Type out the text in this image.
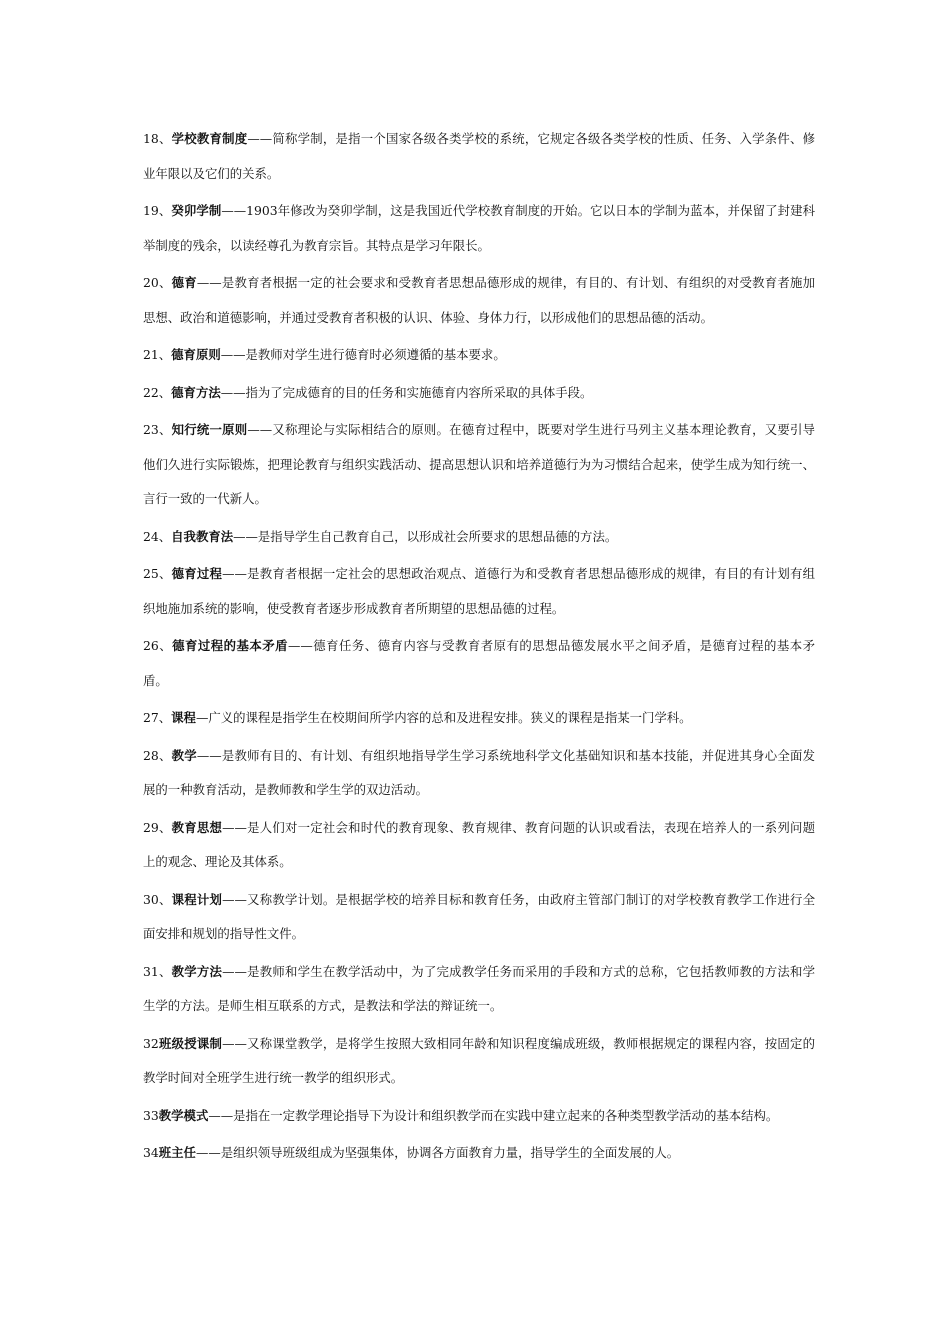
18、学校教育制度——简称学制，是指一个国家各级各类学校的系统，它规定各级各类学校的性质、任务、入学条件、修业年限以及它们的关系。

19、癸卯学制——1903年修改为癸卯学制，这是我国近代学校教育制度的开始。它以日本的学制为蓝本，并保留了封建科举制度的残余，以读经尊孔为教育宗旨。其特点是学习年限长。

20、德育——是教育者根据一定的社会要求和受教育者思想品德形成的规律，有目的、有计划、有组织的对受教育者施加思想、政治和道德影响，并通过受教育者积极的认识、体验、身体力行，以形成他们的思想品德的活动。

21、德育原则——是教师对学生进行德育时必须遵循的基本要求。

22、德育方法——指为了完成德育的目的任务和实施德育内容所采取的具体手段。

23、知行统一原则——又称理论与实际相结合的原则。在德育过程中，既要对学生进行马列主义基本理论教育，又要引导他们久进行实际锻炼，把理论教育与组织实践活动、提高思想认识和培养道德行为为习惯结合起来，使学生成为知行统一、言行一致的一代新人。

24、自我教育法——是指导学生自己教育自己，以形成社会所要求的思想品德的方法。

25、德育过程——是教育者根据一定社会的思想政治观点、道德行为和受教育者思想品德形成的规律，有目的有计划有组织地施加系统的影响，使受教育者逐步形成教育者所期望的思想品德的过程。

26、德育过程的基本矛盾——德育任务、德育内容与受教育者原有的思想品德发展水平之间矛盾，是德育过程的基本矛盾。

27、课程—广义的课程是指学生在校期间所学内容的总和及进程安排。狭义的课程是指某一门学科。

28、教学——是教师有目的、有计划、有组织地指导学生学习系统地科学文化基础知识和基本技能，并促进其身心全面发展的一种教育活动，是教师教和学生学的双边活动。

29、教育思想——是人们对一定社会和时代的教育现象、教育规律、教育问题的认识或看法，表现在培养人的一系列问题上的观念、理论及其体系。

30、课程计划——又称教学计划。是根据学校的培养目标和教育任务，由政府主管部门制订的对学校教育教学工作进行全面安排和规划的指导性文件。

31、教学方法——是教师和学生在教学活动中，为了完成教学任务而采用的手段和方式的总称，它包括教师教的方法和学生学的方法。是师生相互联系的方式，是教法和学法的辩证统一。

32班级授课制——又称课堂教学，是将学生按照大致相同年龄和知识程度编成班级，教师根据规定的课程内容，按固定的教学时间对全班学生进行统一教学的组织形式。

33教学模式——是指在一定教学理论指导下为设计和组织教学而在实践中建立起来的各种类型教学活动的基本结构。

34班主任——是组织领导班级组成为坚强集体，协调各方面教育力量，指导学生的全面发展的人。
